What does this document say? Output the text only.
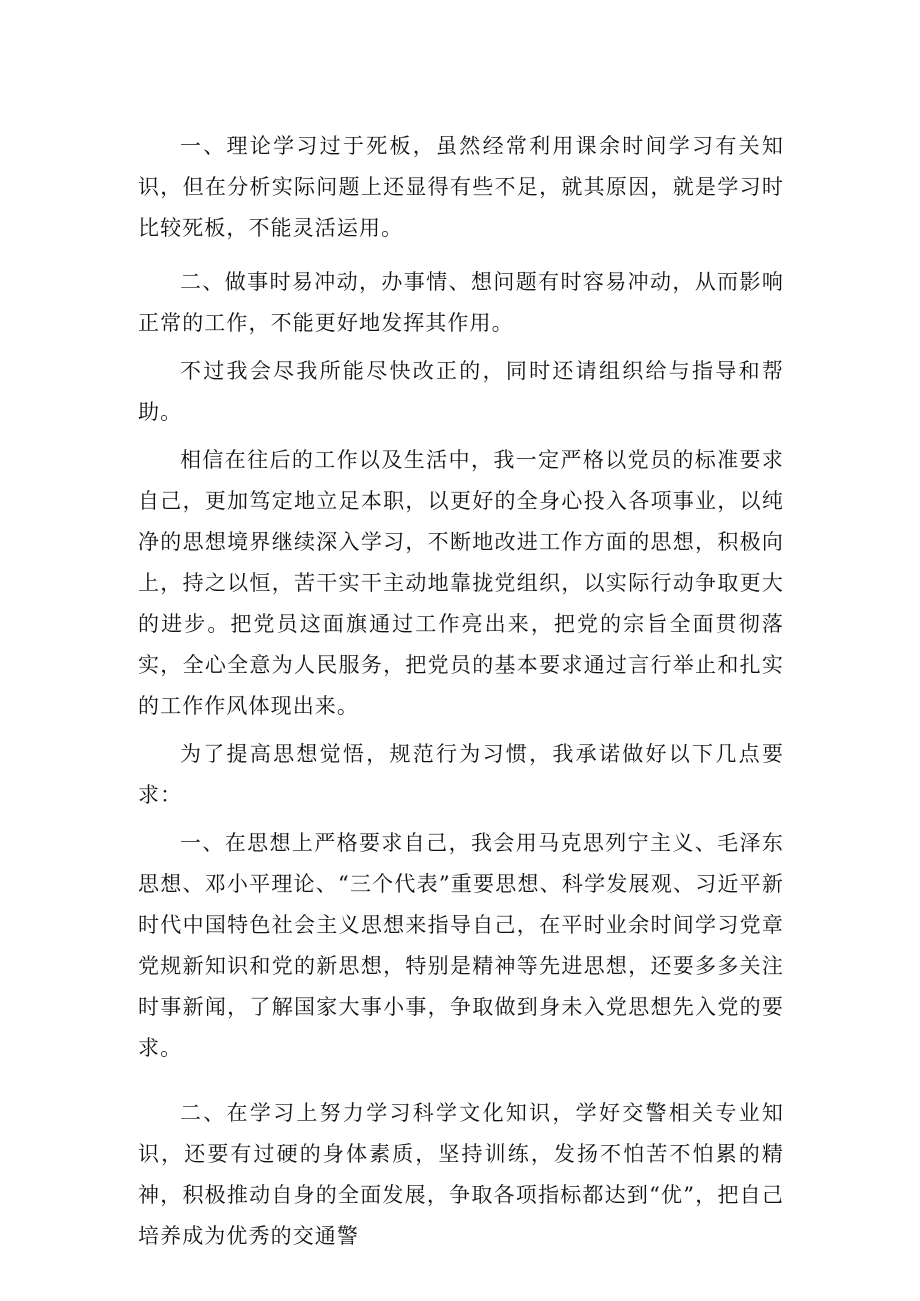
一、理论学习过于死板，虽然经常利用课余时间学习有关知识，但在分析实际问题上还显得有些不足，就其原因，就是学习时比较死板，不能灵活运用。

二、做事时易冲动，办事情、想问题有时容易冲动，从而影响正常的工作，不能更好地发挥其作用。

不过我会尽我所能尽快改正的，同时还请组织给与指导和帮助。

相信在往后的工作以及生活中，我一定严格以党员的标准要求自己，更加笃定地立足本职，以更好的全身心投入各项事业，以纯净的思想境界继续深入学习，不断地改进工作方面的思想，积极向上，持之以恒，苦干实干主动地靠拢党组织，以实际行动争取更大的进步。把党员这面旗通过工作亮出来，把党的宗旨全面贯彻落实，全心全意为人民服务，把党员的基本要求通过言行举止和扎实的工作作风体现出来。

为了提高思想觉悟，规范行为习惯，我承诺做好以下几点要求：

一、在思想上严格要求自己，我会用马克思列宁主义、毛泽东思想、邓小平理论、“三个代表”重要思想、科学发展观、习近平新时代中国特色社会主义思想来指导自己，在平时业余时间学习党章党规新知识和党的新思想，特别是精神等先进思想，还要多多关注时事新闻，了解国家大事小事，争取做到身未入党思想先入党的要求。

二、在学习上努力学习科学文化知识，学好交警相关专业知识，还要有过硬的身体素质，坚持训练，发扬不怕苦不怕累的精神，积极推动自身的全面发展，争取各项指标都达到“优”，把自己培养成为优秀的交通警
